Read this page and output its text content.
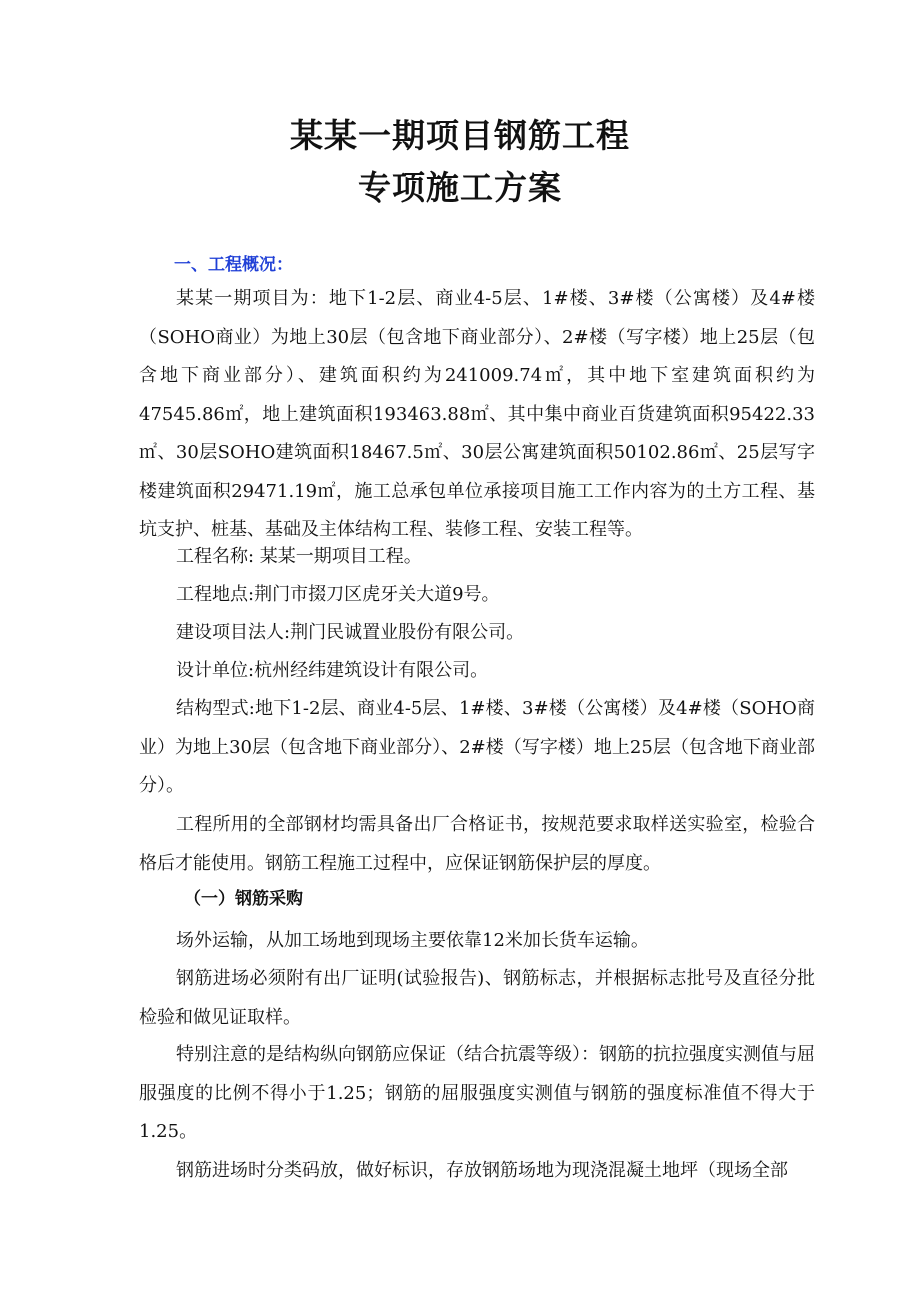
某某一期项目钢筋工程
专项施工方案
一、工程概况：

某某一期项目为：地下1-2层、商业4-5层、1#楼、3#楼（公寓楼）及4#楼（SOHO商业）为地上30层（包含地下商业部分）、2#楼（写字楼）地上25层（包含地下商业部分）、建筑面积约为241009.74㎡，其中地下室建筑面积约为47545.86㎡，地上建筑面积193463.88㎡、其中集中商业百货建筑面积95422.33㎡、30层SOHO建筑面积18467.5㎡、30层公寓建筑面积50102.86㎡、25层写字楼建筑面积29471.19㎡，施工总承包单位承接项目施工工作内容为的土方工程、基坑支护、桩基、基础及主体结构工程、装修工程、安装工程等。

工程名称: 某某一期项目工程。

工程地点:荆门市掇刀区虎牙关大道9号。

建设项目法人:荆门民诚置业股份有限公司。

设计单位:杭州经纬建筑设计有限公司。

结构型式:地下1-2层、商业4-5层、1#楼、3#楼（公寓楼）及4#楼（SOHO商业）为地上30层（包含地下商业部分）、2#楼（写字楼）地上25层（包含地下商业部分）。

工程所用的全部钢材均需具备出厂合格证书，按规范要求取样送实验室，检验合格后才能使用。钢筋工程施工过程中，应保证钢筋保护层的厚度。

（一）钢筋采购

场外运输，从加工场地到现场主要依靠12米加长货车运输。

钢筋进场必须附有出厂证明(试验报告)、钢筋标志，并根据标志批号及直径分批检验和做见证取样。

特别注意的是结构纵向钢筋应保证（结合抗震等级）：钢筋的抗拉强度实测值与屈服强度的比例不得小于1.25；钢筋的屈服强度实测值与钢筋的强度标准值不得大于1.25。

钢筋进场时分类码放，做好标识，存放钢筋场地为现浇混凝土地坪（现场全部
